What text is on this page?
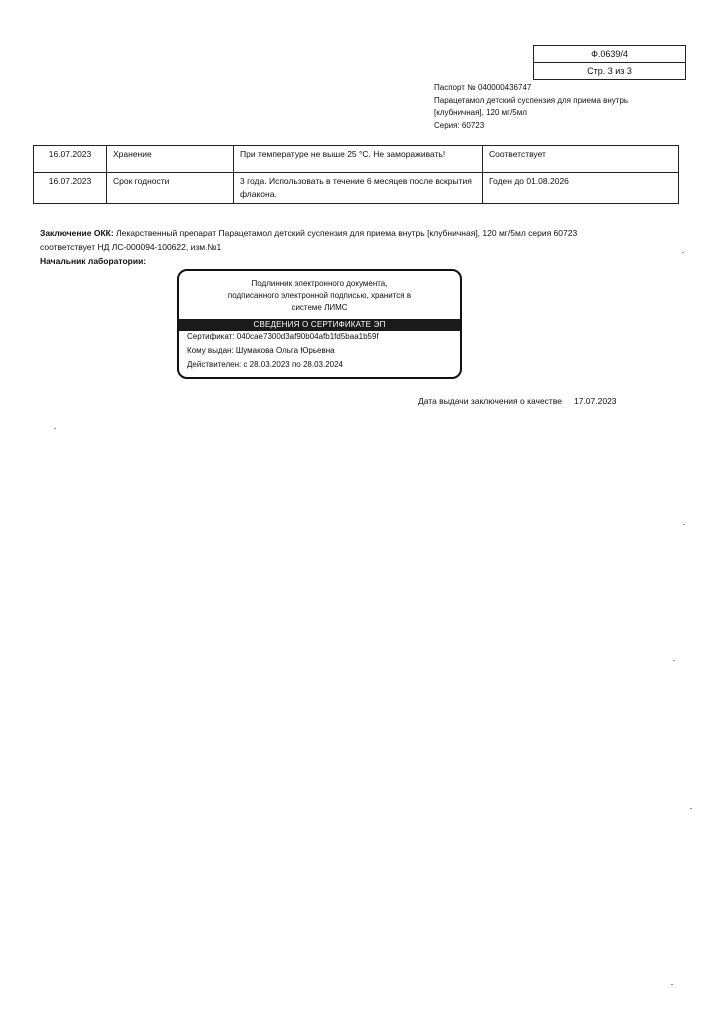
Ф.0639/4
Стр. 3 из 3
Паспорт № 040000436747
Парацетамол детский суспензия для приема внутрь
[клубничная], 120 мг/5мл
Серия: 60723
16.07.2023	Хранение	При температуре не выше 25 °С. Не замораживать!	Соответствует
16.07.2023	Срок годности	3 года. Использовать в течение 6 месяцев после вскрытия флакона.	Годен до 01.08.2026
Заключение ОКК: Лекарственный препарат Парацетамол детский суспензия для приема внутрь [клубничная], 120 мг/5мл серия 60723 соответствует НД ЛС-000094-100622, изм.№1
Начальник лаборатории:
Подлинник электронного документа,
подписанного электронной подписью, хранится в
системе ЛИМС
СВЕДЕНИЯ О СЕРТИФИКАТЕ ЭП
Сертификат: 040cae7300d3af90b04afb1fd5baa1b59f
Кому выдан: Шумакова Ольга Юрьевна
Действителен: с 28.03.2023 по 28.03.2024
Дата выдачи заключения о качестве 17.07.2023
